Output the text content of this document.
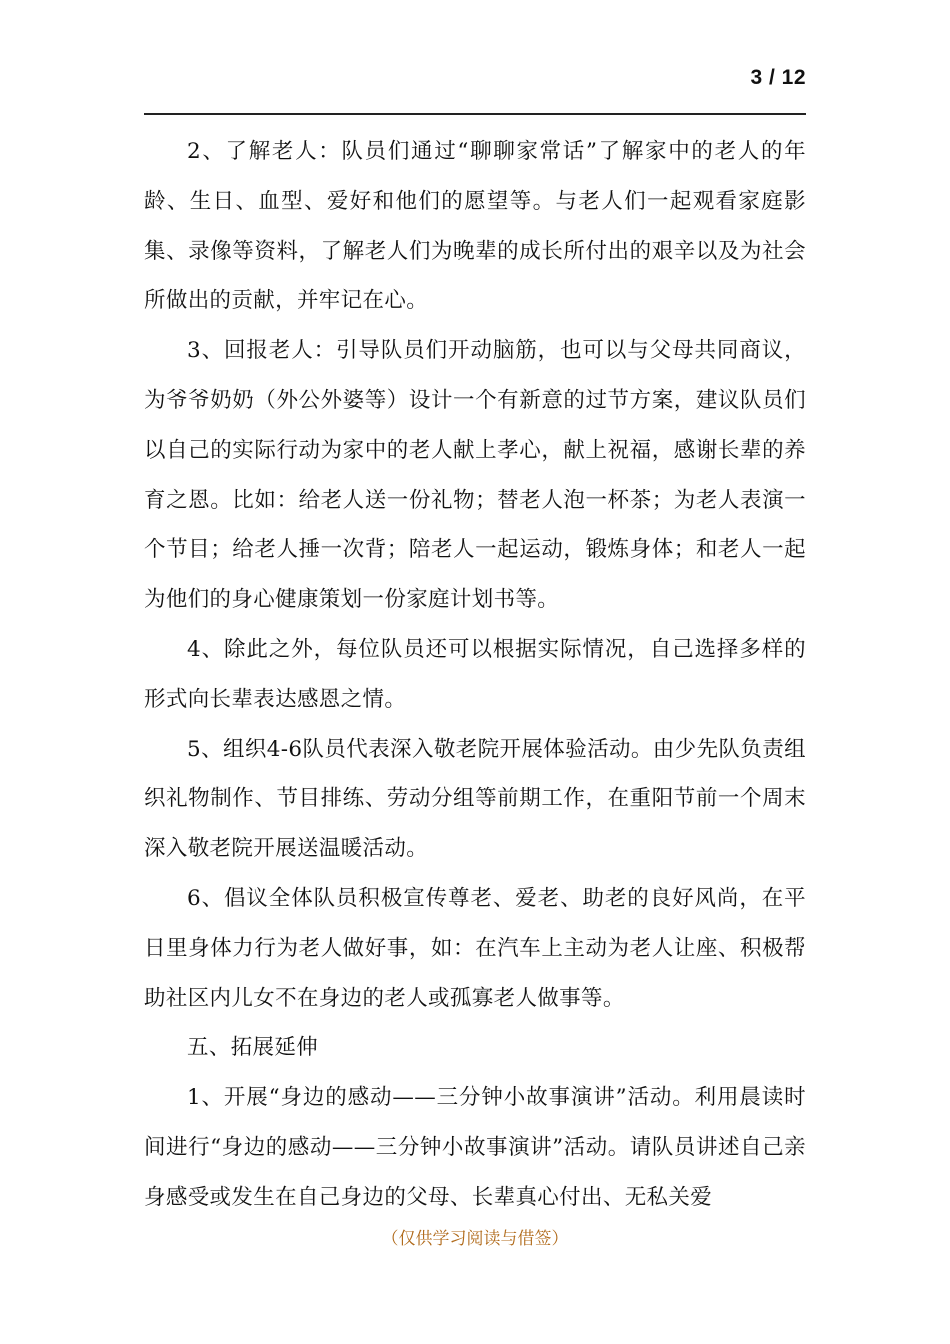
3 / 12

2、了解老人：队员们通过“聊聊家常话”了解家中的老人的年龄、生日、血型、爱好和他们的愿望等。与老人们一起观看家庭影集、录像等资料，了解老人们为晚辈的成长所付出的艰辛以及为社会所做出的贡献，并牢记在心。

3、回报老人：引导队员们开动脑筋，也可以与父母共同商议，为爷爷奶奶（外公外婆等）设计一个有新意的过节方案，建议队员们以自己的实际行动为家中的老人献上孝心，献上祝福，感谢长辈的养育之恩。比如：给老人送一份礼物；替老人泡一杯茶；为老人表演一个节目；给老人捶一次背；陪老人一起运动，锻炼身体；和老人一起为他们的身心健康策划一份家庭计划书等。

4、除此之外，每位队员还可以根据实际情况，自己选择多样的形式向长辈表达感恩之情。

5、组织4-6队员代表深入敬老院开展体验活动。由少先队负责组织礼物制作、节目排练、劳动分组等前期工作，在重阳节前一个周末深入敬老院开展送温暖活动。

6、倡议全体队员积极宣传尊老、爱老、助老的良好风尚，在平日里身体力行为老人做好事，如：在汽车上主动为老人让座、积极帮助社区内儿女不在身边的老人或孤寡老人做事等。

五、拓展延伸

1、开展“身边的感动——三分钟小故事演讲”活动。利用晨读时间进行“身边的感动——三分钟小故事演讲”活动。请队员讲述自己亲身感受或发生在自己身边的父母、长辈真心付出、无私关爱

（仅供学习阅读与借签）
